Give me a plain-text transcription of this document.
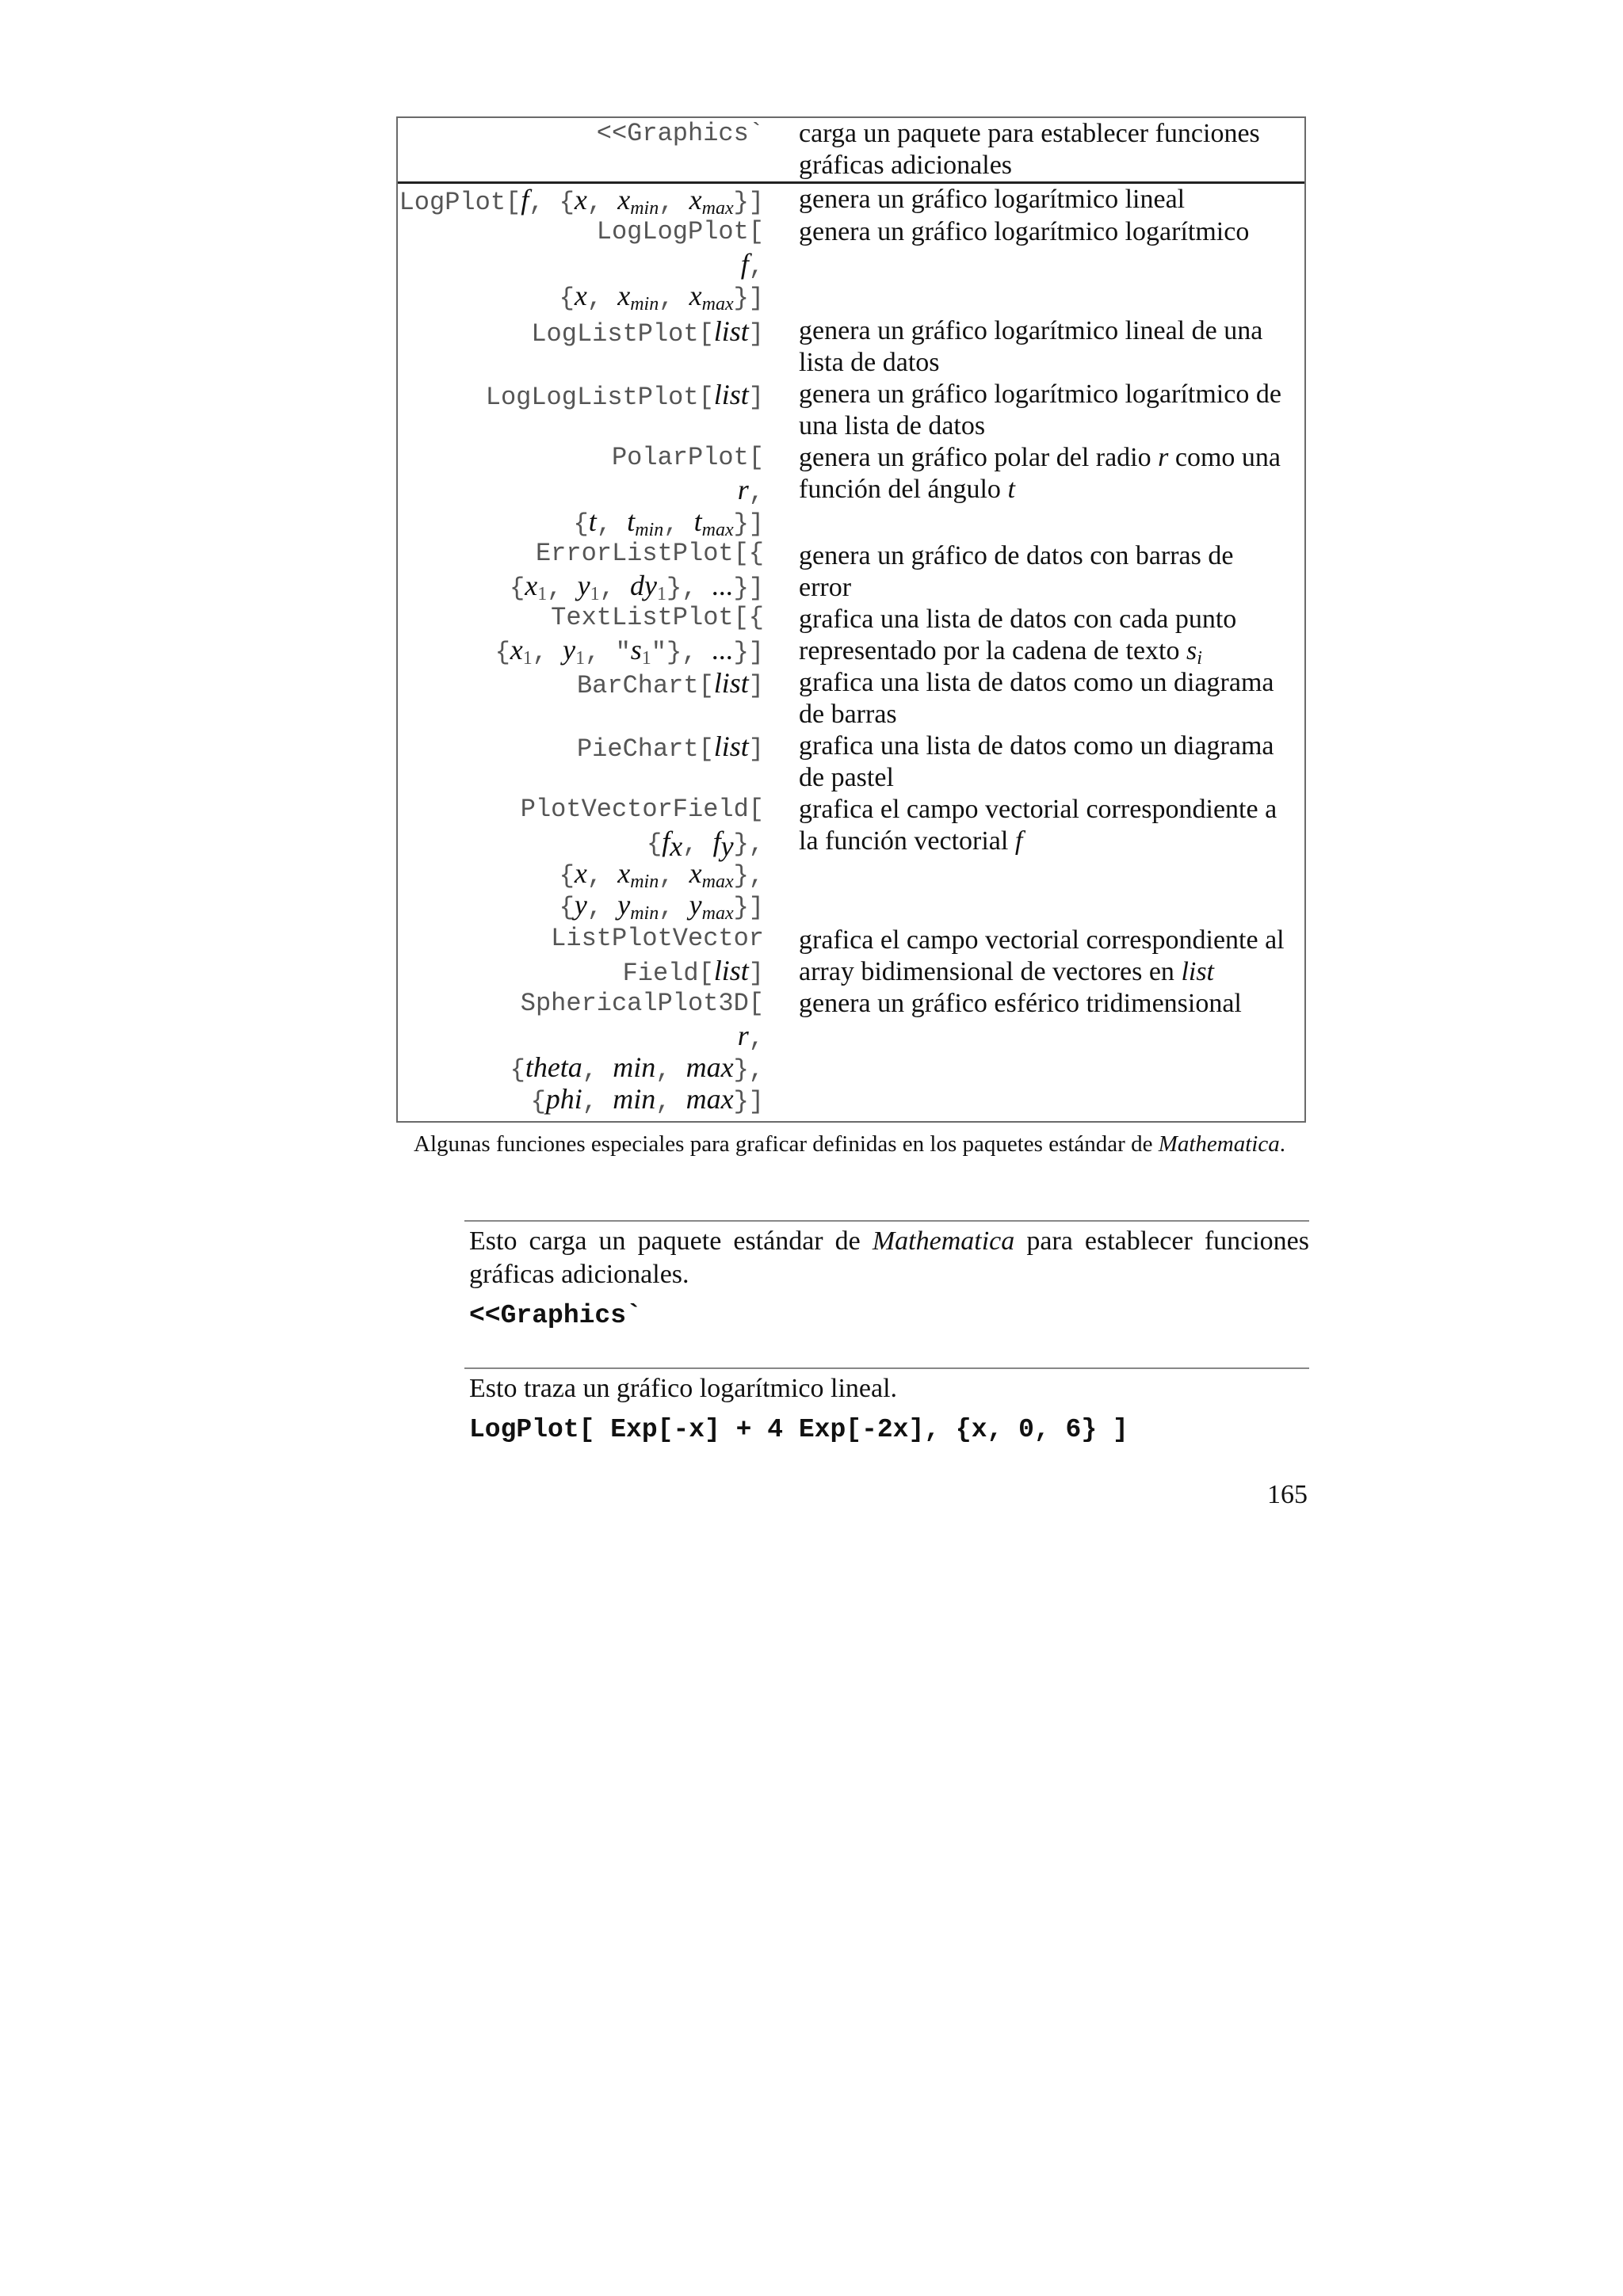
<<Graphics` carga un paquete para establecer funciones
gráficas adicionales
LogPlot[f, {x, $x_{min}$, $x_{max}$}] genera un gráfico logarítmico lineal
LogLogPlot[
f,
{x, $x_{min}$, $x_{max}$}]
genera un gráfico logarítmico logarítmico
LogListPlot[list] genera un gráfico logarítmico lineal de una
lista de datos
LogLogListPlot[list] genera un gráfico logarítmico logarítmico de
una lista de datos
PolarPlot[
r,
{t, $t_{min}$, $t_{max}$}]
genera un gráfico polar del radio r como una
función del ángulo t
ErrorListPlot[{
{$x_1$, $y_1$, $dy_1$}, ...}]
genera un gráfico de datos con barras de
error
TextListPlot[{
{$x_1$, $y_1$, "$s_1$"}, ...}]
grafica una lista de datos con cada punto
representado por la cadena de texto $s_i$
BarChart[list] grafica una lista de datos como un diagrama
de barras
PieChart[list] grafica una lista de datos como un diagrama
de pastel
PlotVectorField[
{$f_x$, $f_y$},
{x, $x_{min}$, $x_{max}$},
{y, $y_{min}$, $y_{max}$}]
grafica el campo vectorial correspondiente a
la función vectorial f
ListPlotVector
Field[list]
grafica el campo vectorial correspondiente al
array bidimensional de vectores en list
SphericalPlot3D[
r,
{theta, min, max},
{phi, min, max}]
genera un gráfico esférico tridimensional
Algunas funciones especiales para graficar definidas en los paquetes estándar de Mathematica.
Esto carga un paquete estándar de Mathematica para establecer funciones gráficas adicionales.
<<Graphics`
Esto traza un gráfico logarítmico lineal.
LogPlot[ Exp[-x] + 4 Exp[-2x], {x, 0, 6} ]
165
